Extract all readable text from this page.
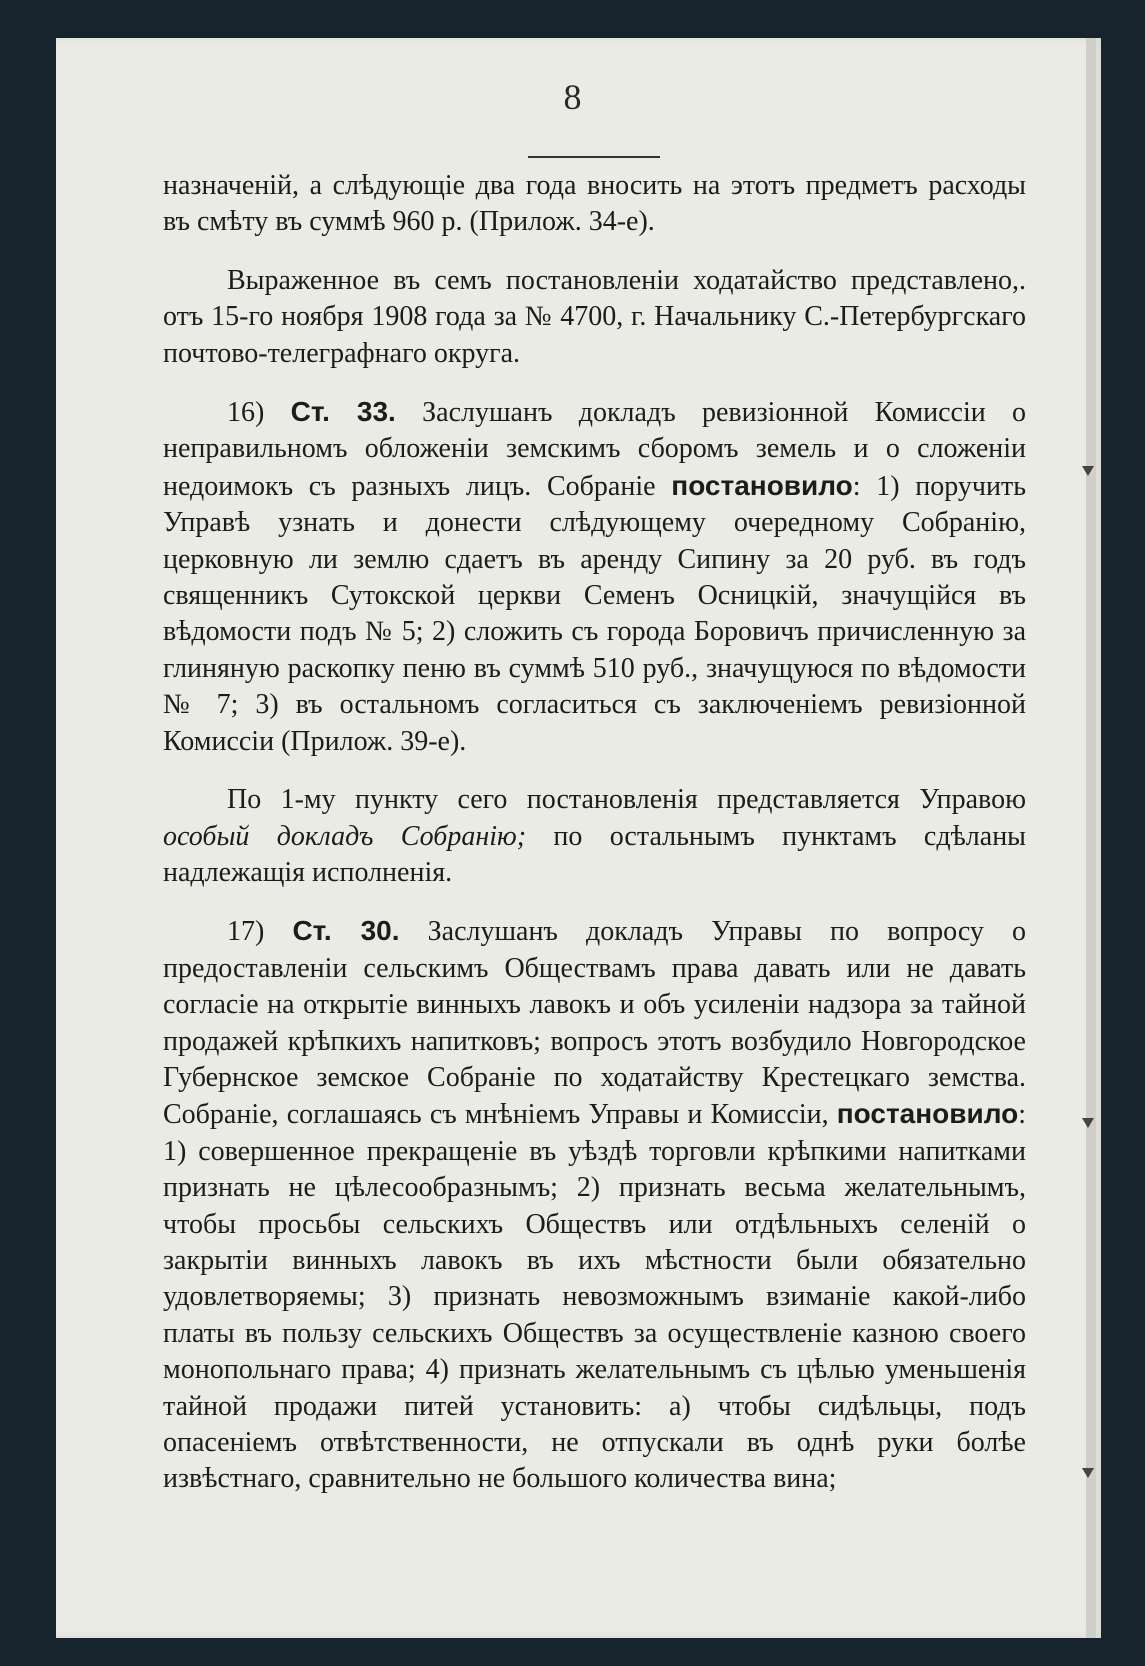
8

назначеній, а слѣдующіе два года вносить на этотъ предметъ расходы въ смѣту въ суммѣ 960 р. (Прилож. 34-е).

Выраженное въ семъ постановленіи ходатайство представлено,. отъ 15-го ноября 1908 года за № 4700, г. Начальнику С.-Петербургскаго почтово-телеграфнаго округа.

16) Ст. 33. Заслушанъ докладъ ревизіонной Комиссіи о неправильномъ обложеніи земскимъ сборомъ земель и о сложеніи недоимокъ съ разныхъ лицъ. Собраніе постановило: 1) поручить Управѣ узнать и донести слѣдующему очередному Собранію, церковную ли землю сдаетъ въ аренду Сипину за 20 руб. въ годъ священникъ Сутокской церкви Семенъ Осницкій, значущійся въ вѣдомости подъ № 5; 2) сложить съ города Боровичъ причисленную за глиняную раскопку пеню въ суммѣ 510 руб., значущуюся по вѣдомости № 7; 3) въ остальномъ согласиться съ заключеніемъ ревизіонной Комиссіи (Прилож. 39-е).

По 1-му пункту сего постановленія представляется Управою особый докладъ Собранію; по остальнымъ пунктамъ сдѣланы надлежащія исполненія.

17) Ст. 30. Заслушанъ докладъ Управы по вопросу о предоставленіи сельскимъ Обществамъ права давать или не давать согласіе на открытіе винныхъ лавокъ и объ усиленіи надзора за тайной продажей крѣпкихъ напитковъ; вопросъ этотъ возбудило Новгородское Губернское земское Собраніе по ходатайству Крестецкаго земства. Собраніе, соглашаясь съ мнѣніемъ Управы и Комиссіи, постановило: 1) совершенное прекращеніе въ уѣздѣ торговли крѣпкими напитками признать не цѣлесообразнымъ; 2) признать весьма желательнымъ, чтобы просьбы сельскихъ Обществъ или отдѣльныхъ селеній о закрытіи винныхъ лавокъ въ ихъ мѣстности были обязательно удовлетворяемы; 3) признать невозможнымъ взиманіе какой-либо платы въ пользу сельскихъ Обществъ за осуществленіе казною своего монопольнаго права; 4) признать желательнымъ съ цѣлью уменьшенія тайной продажи питей установить: а) чтобы сидѣльцы, подъ опасеніемъ отвѣтственности, не отпускали въ однѣ руки болѣе извѣстнаго, сравнительно не большого количества вина;
